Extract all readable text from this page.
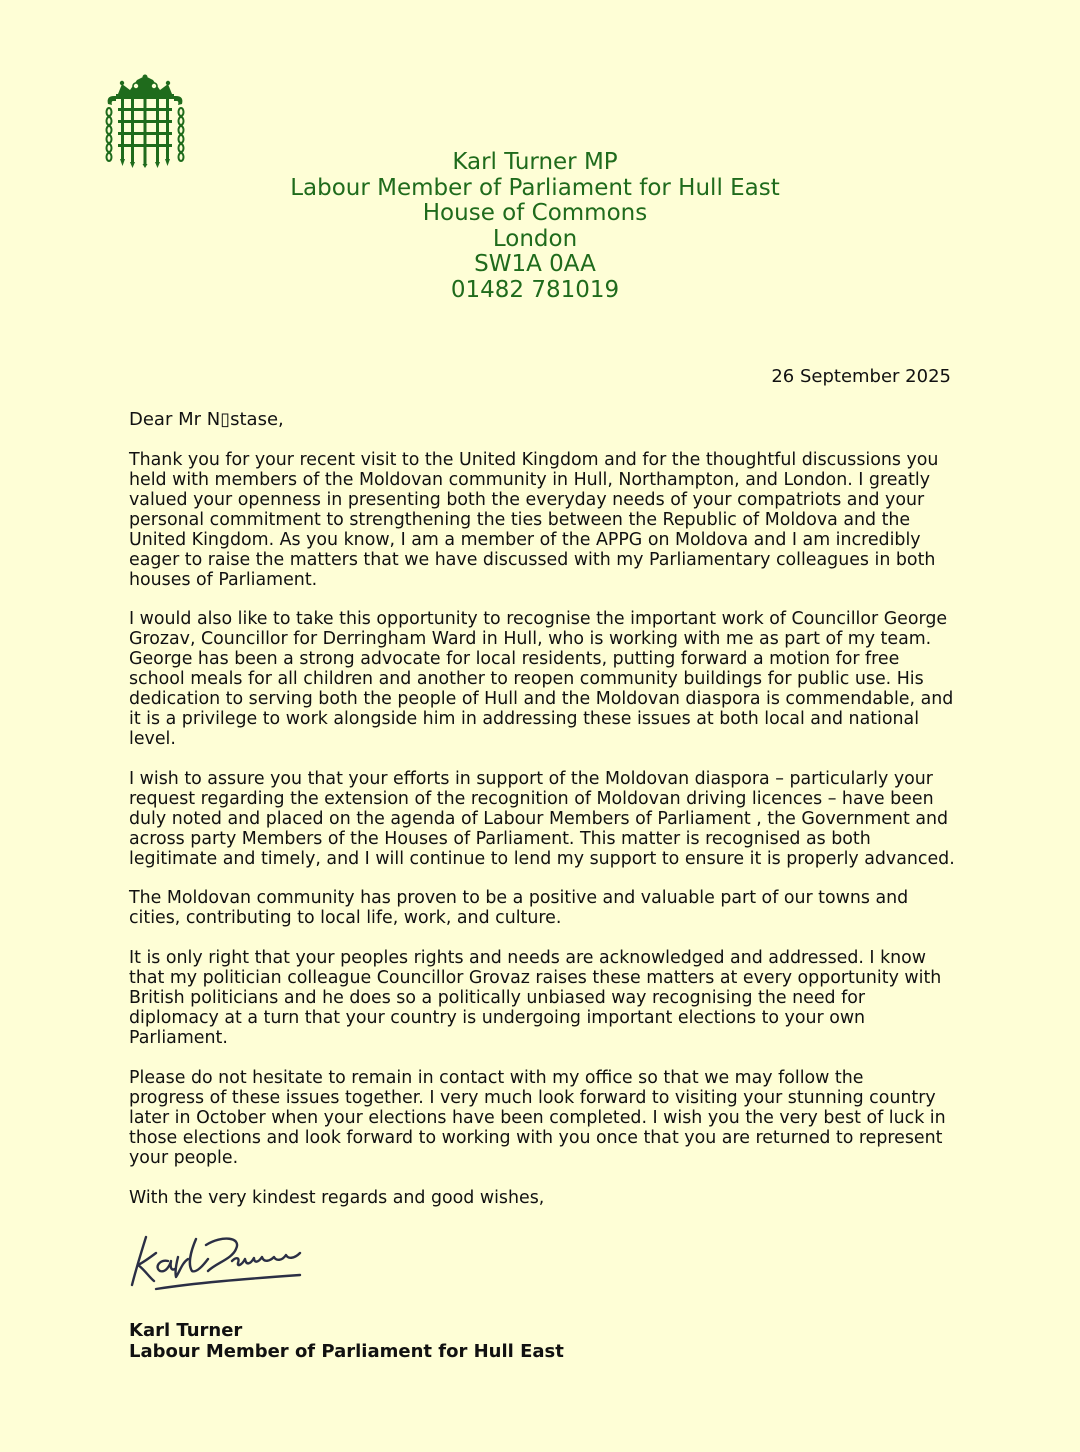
Karl Turner MP
Labour Member of Parliament for Hull East
House of Commons
London
SW1A 0AA
01482 781019
26 September 2025
Dear Mr N▯stase,
Thank you for your recent visit to the United Kingdom and for the thoughtful discussions you
held with members of the Moldovan community in Hull, Northampton, and London. I greatly
valued your openness in presenting both the everyday needs of your compatriots and your
personal commitment to strengthening the ties between the Republic of Moldova and the
United Kingdom. As you know, I am a member of the APPG on Moldova and I am incredibly
eager to raise the matters that we have discussed with my Parliamentary colleagues in both
houses of Parliament.
I would also like to take this opportunity to recognise the important work of Councillor George
Grozav, Councillor for Derringham Ward in Hull, who is working with me as part of my team.
George has been a strong advocate for local residents, putting forward a motion for free
school meals for all children and another to reopen community buildings for public use. His
dedication to serving both the people of Hull and the Moldovan diaspora is commendable, and
it is a privilege to work alongside him in addressing these issues at both local and national
level.
I wish to assure you that your efforts in support of the Moldovan diaspora – particularly your
request regarding the extension of the recognition of Moldovan driving licences – have been
duly noted and placed on the agenda of Labour Members of Parliament , the Government and
across party Members of the Houses of Parliament. This matter is recognised as both
legitimate and timely, and I will continue to lend my support to ensure it is properly advanced.
The Moldovan community has proven to be a positive and valuable part of our towns and
cities, contributing to local life, work, and culture.
It is only right that your peoples rights and needs are acknowledged and addressed. I know
that my politician colleague Councillor Grovaz raises these matters at every opportunity with
British politicians and he does so a politically unbiased way recognising the need for
diplomacy at a turn that your country is undergoing important elections to your own
Parliament.
Please do not hesitate to remain in contact with my office so that we may follow the
progress of these issues together. I very much look forward to visiting your stunning country
later in October when your elections have been completed. I wish you the very best of luck in
those elections and look forward to working with you once that you are returned to represent
your people.
With the very kindest regards and good wishes,
Karl Turner
Labour Member of Parliament for Hull East
